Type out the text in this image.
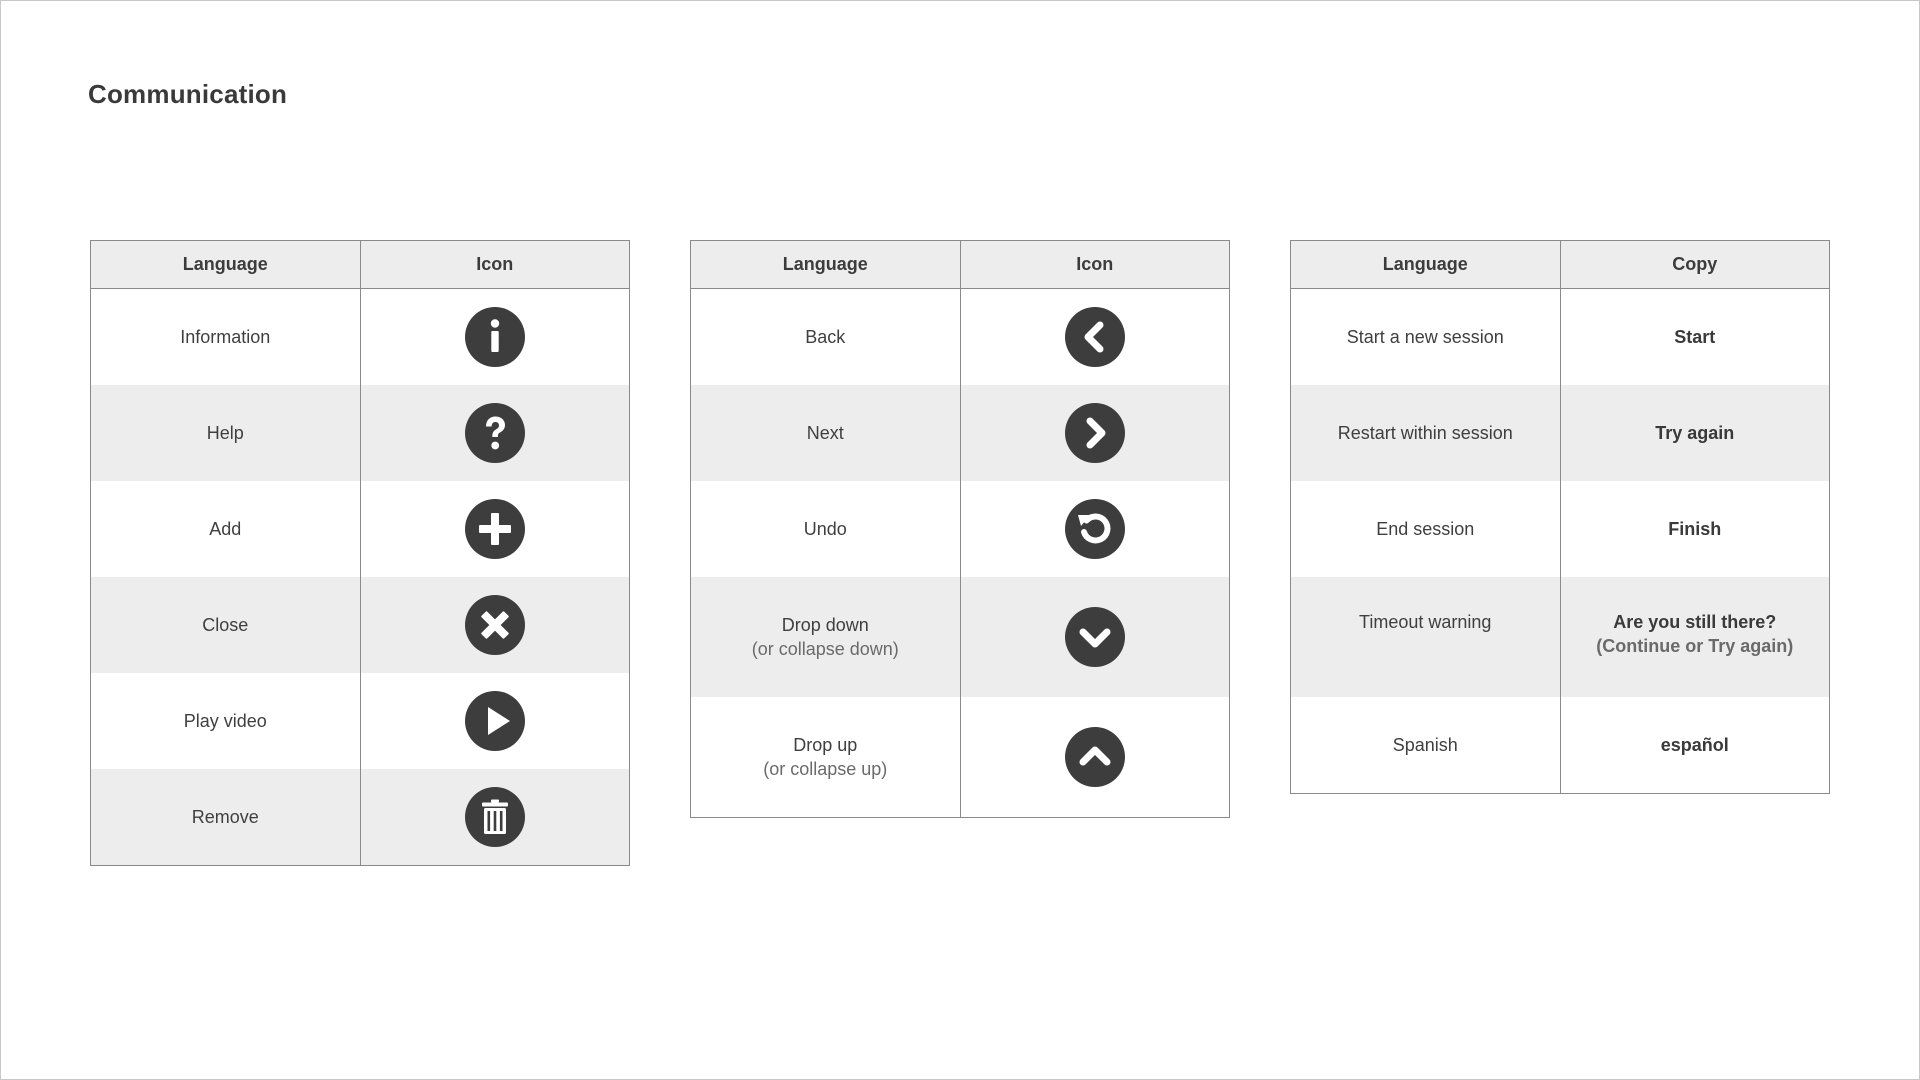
Communication
Language	Icon
Information
Help
Add
Close
Play video
Remove
Language	Icon
Back
Next
Undo
Drop down
(or collapse down)
Drop up
(or collapse up)
Language	Copy
Start a new session	Start
Restart within session	Try again
End session	Finish
Timeout warning	Are you still there?
(Continue or Try again)
Spanish	español
